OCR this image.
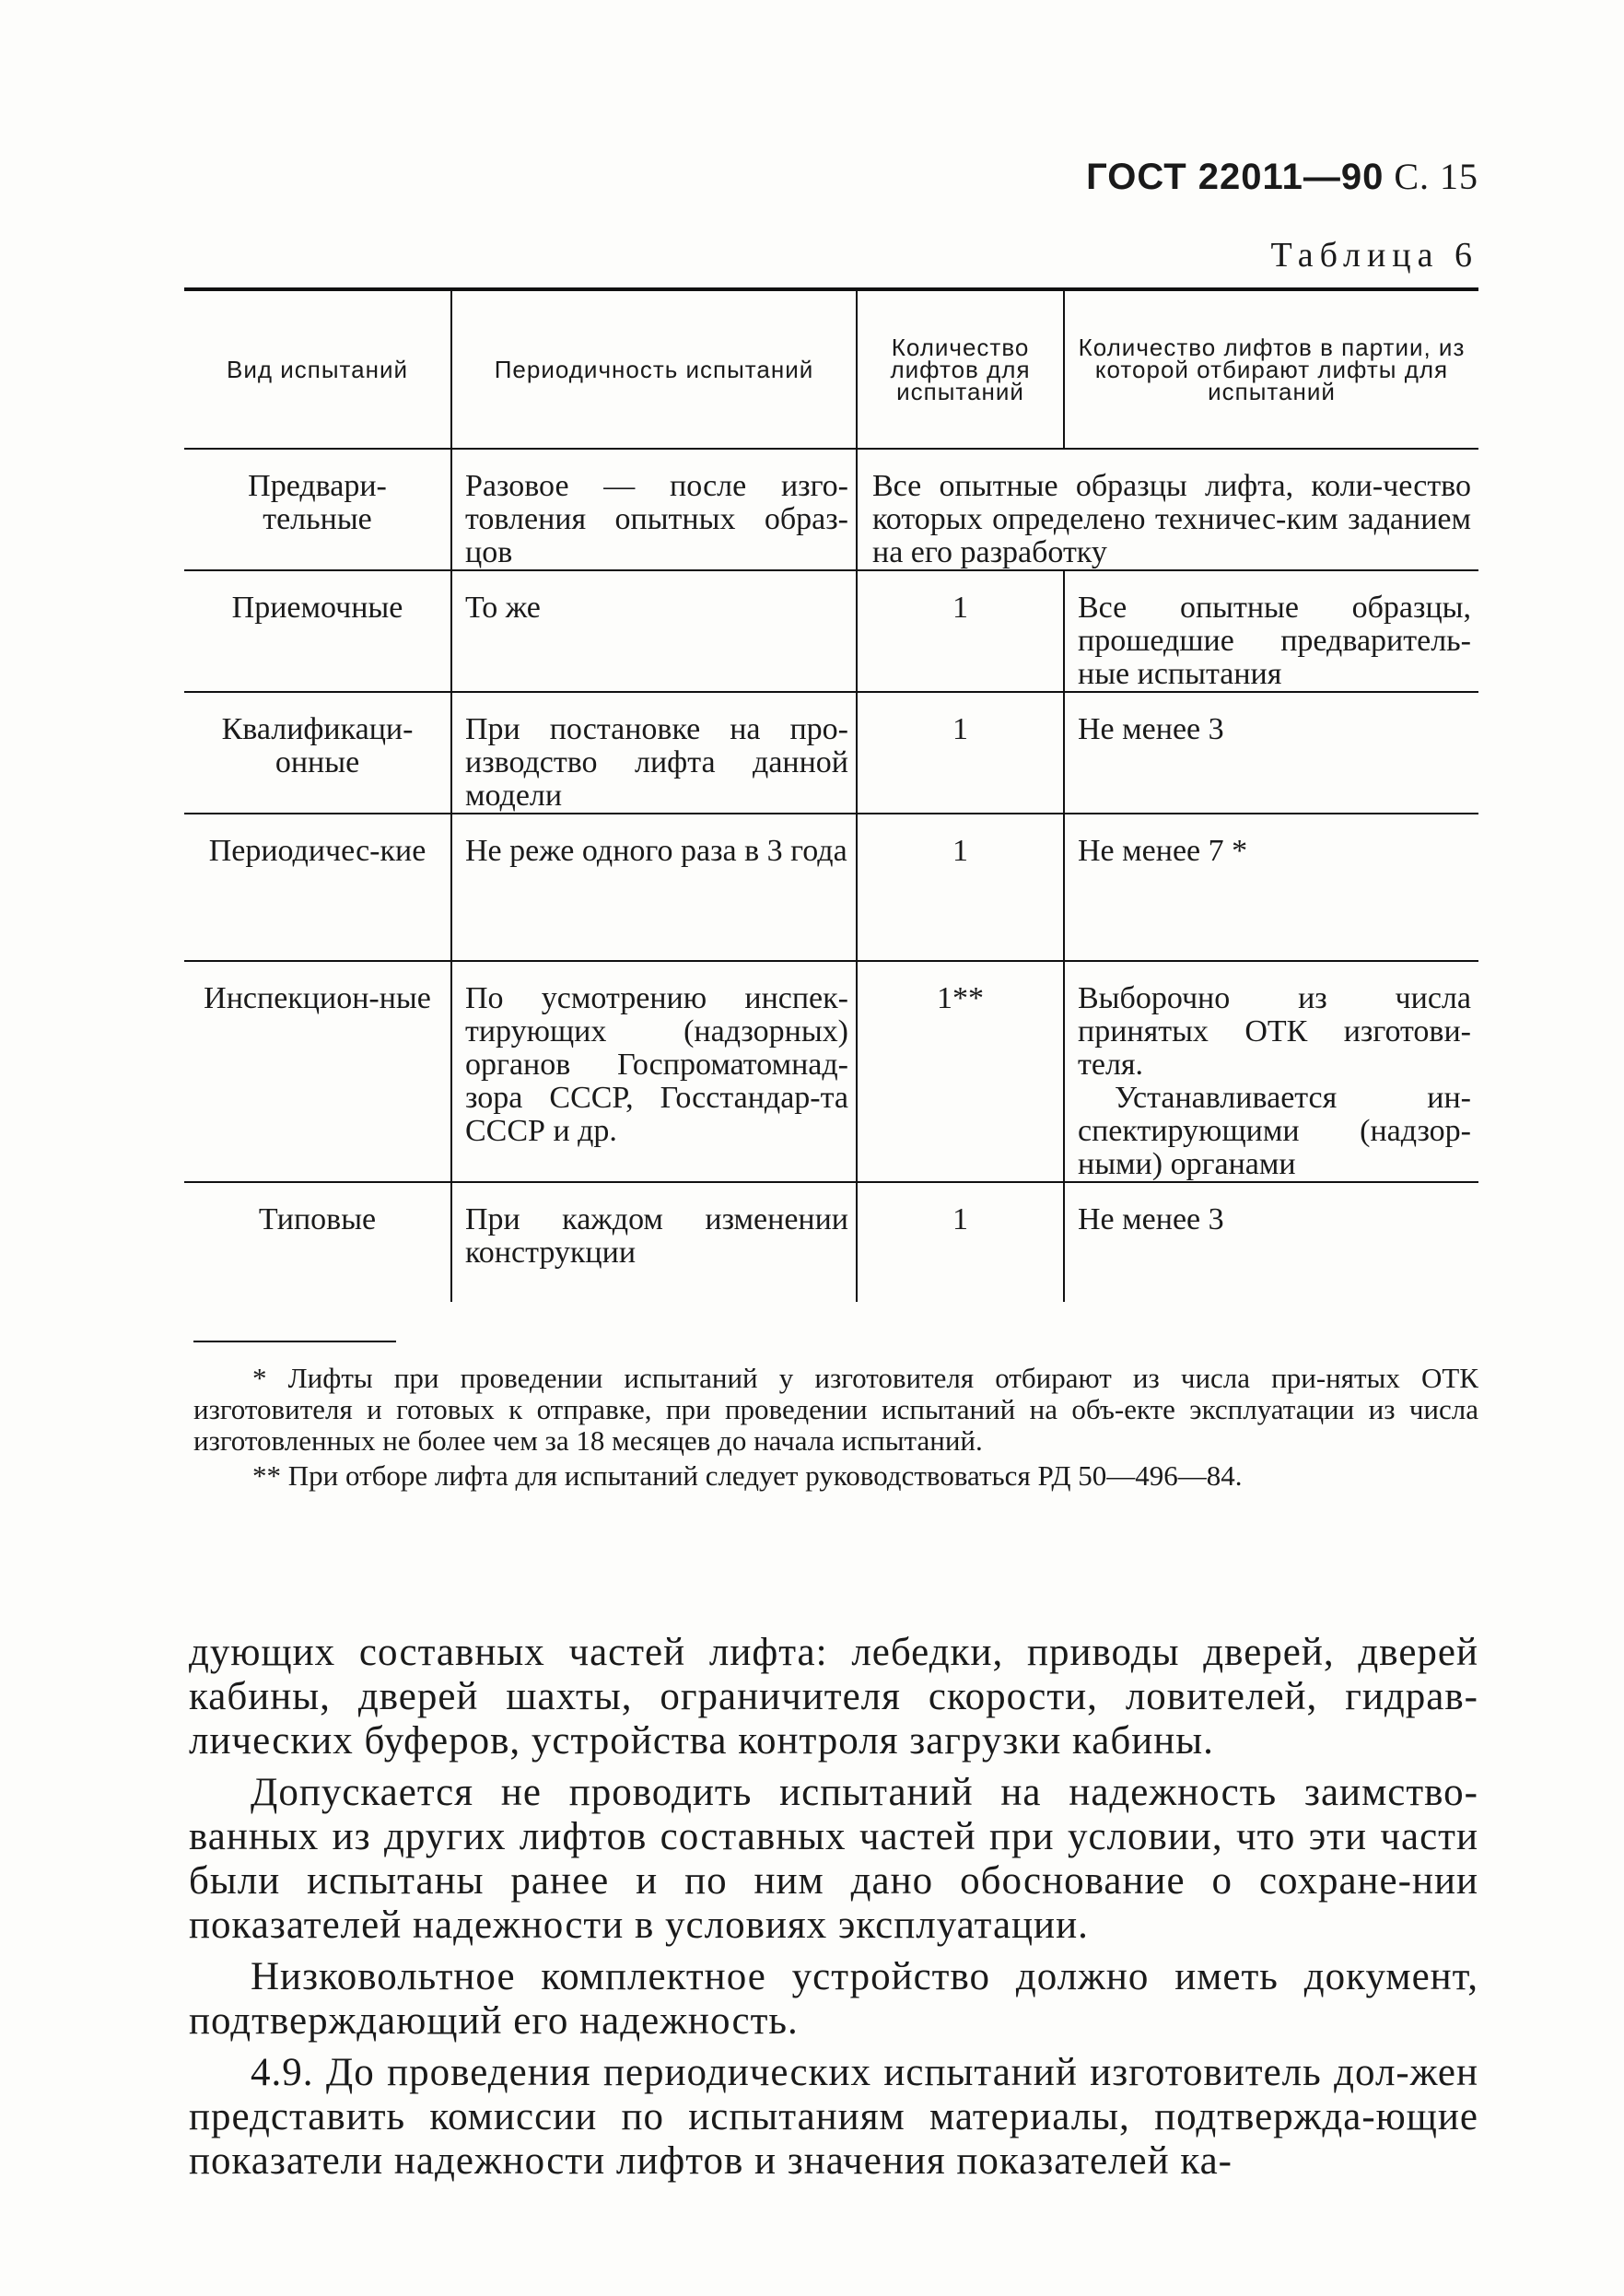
ГОСТ 22011—90 С. 15
Таблица 6
Вид испытаний	Периодичность испытаний	Количество лифтов для испытаний	Количество лифтов в партии, из которой отбирают лифты для испытаний
Предвари-тельные	Разовое — после изго-товления опытных образ-цов	Все опытные образцы лифта, коли-чество которых определено техничес-ким заданием на его разработку	
Приемочные	То же	1	Все опытные образцы, прошедшие предваритель-ные испытания
Квалификаци-онные	При постановке на про-изводство лифта данной модели	1	Не менее 3
Периодичес-кие	Не реже одного раза в 3 года	1	Не менее 7 *
Инспекцион-ные	По усмотрению инспек-тирующих (надзорных) органов Госпроматомнад-зора СССР, Госстандар-та СССР и др.	1**	Выборочно из числа принятых ОТК изготови-теля.
Устанавливается ин-спектирующими (надзор-ными) органами

Типовые	При каждом изменении конструкции	1	Не менее 3

* Лифты при проведении испытаний у изготовителя отбирают из числа при-нятых ОТК изготовителя и готовых к отправке, при проведении испытаний на объ-екте эксплуатации из числа изготовленных не более чем за 18 месяцев до начала испытаний.

** При отборе лифта для испытаний следует руководствоваться РД 50—496—84.

дующих составных частей лифта: лебедки, приводы дверей, дверей кабины, дверей шахты, ограничителя скорости, ловителей, гидрав-лических буферов, устройства контроля загрузки кабины.

Допускается не проводить испытаний на надежность заимство-ванных из других лифтов составных частей при условии, что эти части были испытаны ранее и по ним дано обоснование о сохране-нии показателей надежности в условиях эксплуатации.

Низковольтное комплектное устройство должно иметь документ, подтверждающий его надежность.

4.9. До проведения периодических испытаний изготовитель дол-жен представить комиссии по испытаниям материалы, подтвержда-ющие показатели надежности лифтов и значения показателей ка-
